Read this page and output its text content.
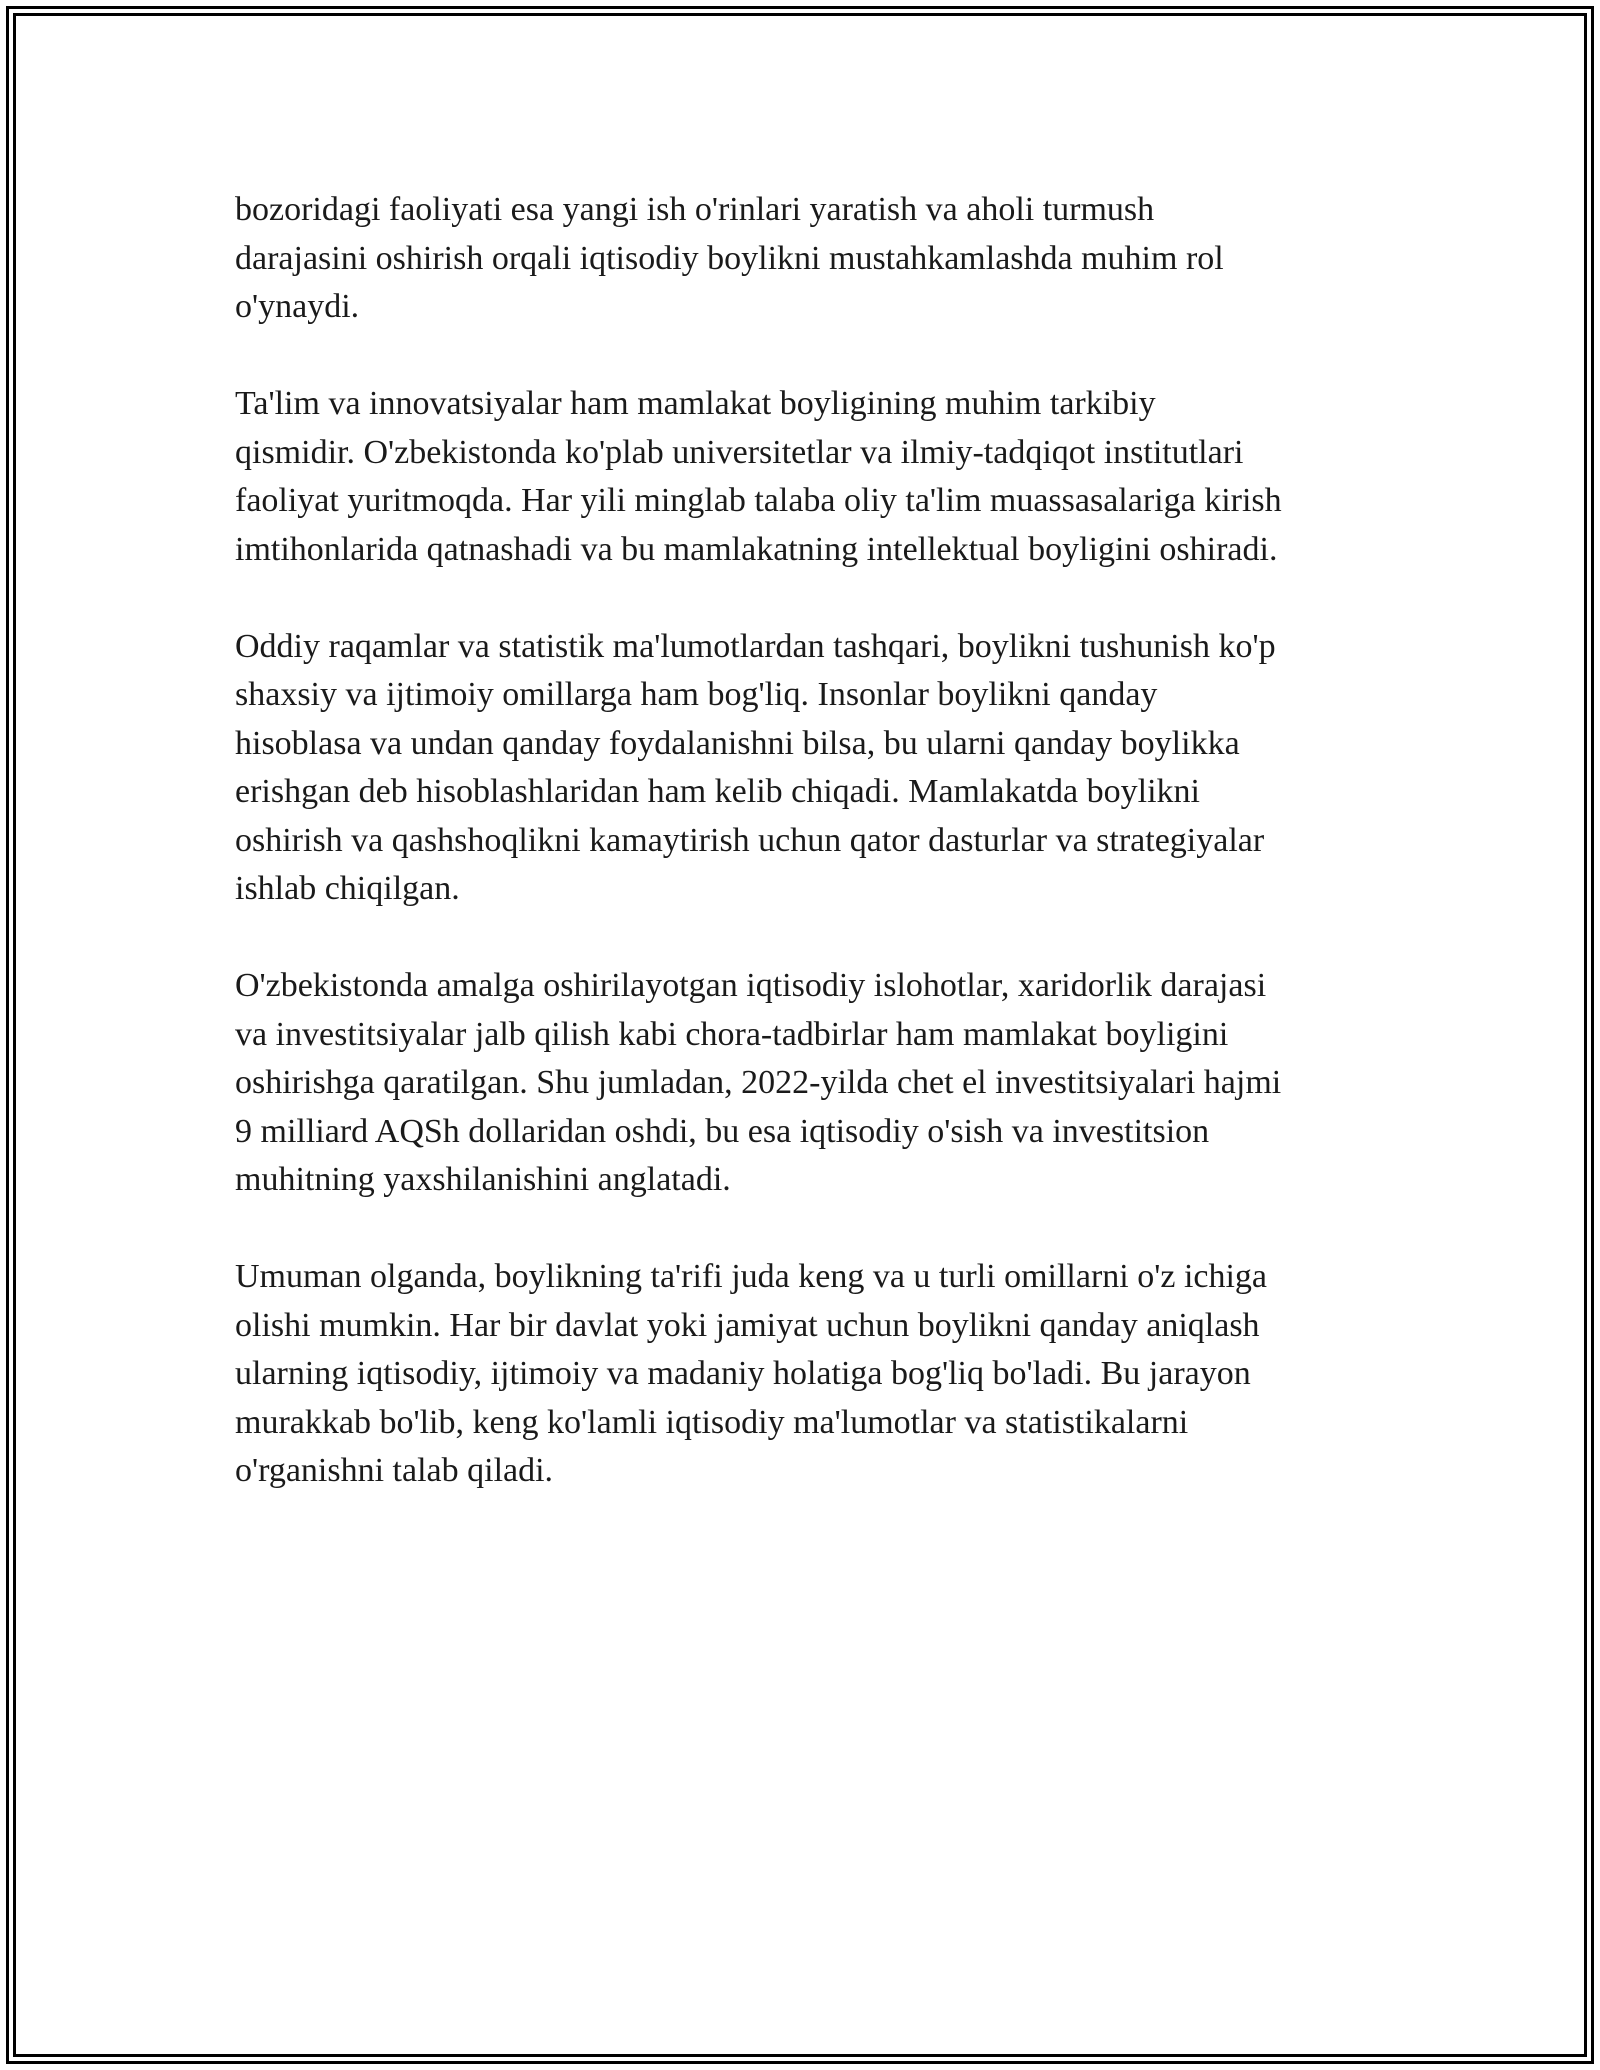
bozoridagi faoliyati esa yangi ish o'rinlari yaratish va aholi turmush
darajasini oshirish orqali iqtisodiy boylikni mustahkamlashda muhim rol
o'ynaydi.

Ta'lim va innovatsiyalar ham mamlakat boyligining muhim tarkibiy
qismidir. O'zbekistonda ko'plab universitetlar va ilmiy-tadqiqot institutlari
faoliyat yuritmoqda. Har yili minglab talaba oliy ta'lim muassasalariga kirish
imtihonlarida qatnashadi va bu mamlakatning intellektual boyligini oshiradi.

Oddiy raqamlar va statistik ma'lumotlardan tashqari, boylikni tushunish ko'p
shaxsiy va ijtimoiy omillarga ham bog'liq. Insonlar boylikni qanday
hisoblasa va undan qanday foydalanishni bilsa, bu ularni qanday boylikka
erishgan deb hisoblashlaridan ham kelib chiqadi. Mamlakatda boylikni
oshirish va qashshoqlikni kamaytirish uchun qator dasturlar va strategiyalar
ishlab chiqilgan.

O'zbekistonda amalga oshirilayotgan iqtisodiy islohotlar, xaridorlik darajasi
va investitsiyalar jalb qilish kabi chora-tadbirlar ham mamlakat boyligini
oshirishga qaratilgan. Shu jumladan, 2022-yilda chet el investitsiyalari hajmi
9 milliard AQSh dollaridan oshdi, bu esa iqtisodiy o'sish va investitsion
muhitning yaxshilanishini anglatadi.

Umuman olganda, boylikning ta'rifi juda keng va u turli omillarni o'z ichiga
olishi mumkin. Har bir davlat yoki jamiyat uchun boylikni qanday aniqlash
ularning iqtisodiy, ijtimoiy va madaniy holatiga bog'liq bo'ladi. Bu jarayon
murakkab bo'lib, keng ko'lamli iqtisodiy ma'lumotlar va statistikalarni
o'rganishni talab qiladi.
